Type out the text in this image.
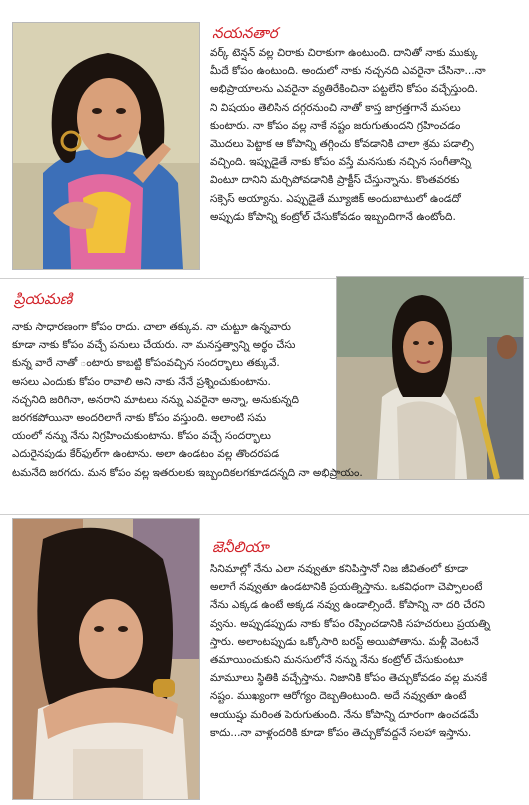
నయనతార

వర్క్ టెన్షన్ వల్ల చిరాకు చిరాకుగా ఉంటుంది. దానితో నాకు ముక్కు
మీదే కోపం ఉంటుంది. అందులో నాకు నచ్చనది ఎవరైనా చేసినా...నా
అభిప్రాయాలను ఎవరైనా వ్యతిరేకించినా పట్టలేని కోపం వచ్చేస్తుంది.
ని విషయం తెలిసిన దగ్గరనుంచి నాతో కాస్త జాగ్రత్తగానే మసలు
కుంటారు. నా కోపం వల్ల నాకే నష్టం జరుగుతుందని గ్రహించడం
మొదలు పెట్టాక ఆ కోపాన్ని తగ్గించు కోవడానికి చాలా శ్రమ పడాల్సి
వచ్చింది. ఇప్పుడైతే నాకు కోపం వస్తే మనసుకు నచ్చిన సంగీతాన్ని
వింటూ దానిని మర్చిపోవడానికి ప్రాక్టీస్ చేస్తున్నాను. కొంతవరకు
సక్సెస్ అయ్యాను. ఎప్పుడైతే మ్యూజిక్ అందుబాటులో ఉండదో
అప్పుడు కోపాన్ని కంట్రోల్ చేసుకోవడం ఇబ్బందిగానే ఉంటోంది.

ప్రియమణి

నాకు సాధారణంగా కోపం రాదు. చాలా తక్కువ. నా చుట్టూ ఉన్నవారు
కూడా నాకు కోపం వచ్చే పనులు చేయరు. నా మనస్తత్వాన్ని అర్థం చేసు
కున్న వారే నాతో ంటారు కాబట్టి కోపంవచ్చిన సందర్భాలు తక్కువే.
అసలు ఎందుకు కోపం రావాలి అని నాకు నేనే ప్రశ్నించుకుంటాను.
నచ్చనిది జరిగినా, అనరాని మాటలు నన్ను ఎవరైనా అన్నా, అనుకున్నది
జరగకపోయినా అందరిలాగే నాకు కోపం వస్తుంది. అలాంటి సమ
యంలో నన్ను నేను నిగ్రహించుకుంటాను. కోపం వచ్చే సందర్భాలు
ఎదురైనపుడు కేర్‌ఫుల్‌గా ఉంటాను. అలా ఉండటం వల్ల తొందరపడ
టమనేది జరగదు. మన కోపం వల్ల ఇతరులకు ఇబ్బందికలగకూడదన్నది నా అభిప్రాయం.

జెనీలియా

సినిమాల్లో నేను ఎలా నవ్వుతూ కనిపిస్తానో నిజ జీవితంలో కూడా
అలాగే నవ్వుతూ ఉండటానికి ప్రయత్నిస్తాను. ఒకవిధంగా చెప్పాలంటే
నేను ఎక్కడ ఉంటే అక్కడ నవ్వు ఉండాల్సిందే. కోపాన్ని నా దరి చేరని
వ్వను. అప్పుడప్పుడు నాకు కోపం రప్పించడానికి సహచరులు ప్రయత్ని
స్తారు. అలాంటప్పుడు ఒక్కోసారి బరస్ట్ అయిపోతాను. మళ్లీ వెంటనే
తమాయించుకుని మనసులోనే నన్ను నేను కంట్రోల్ చేసుకుంటూ
మామూలు స్థితికి వచ్చేస్తాను. నిజానికి కోపం తెచ్చుకోవడం వల్ల మనకే
నష్టం. ముఖ్యంగా ఆరోగ్యం దెబ్బతింటుంది. అదే నవ్వుతూ ఉంటే
ఆయుష్షు మరింత పెరుగుతుంది. నేను కోపాన్ని దూరంగా ఉంచడమే
కాదు...నా వాళ్లందరికి కూడా కోపం తెచ్చుకోవద్దనే సలహా ఇస్తాను.
